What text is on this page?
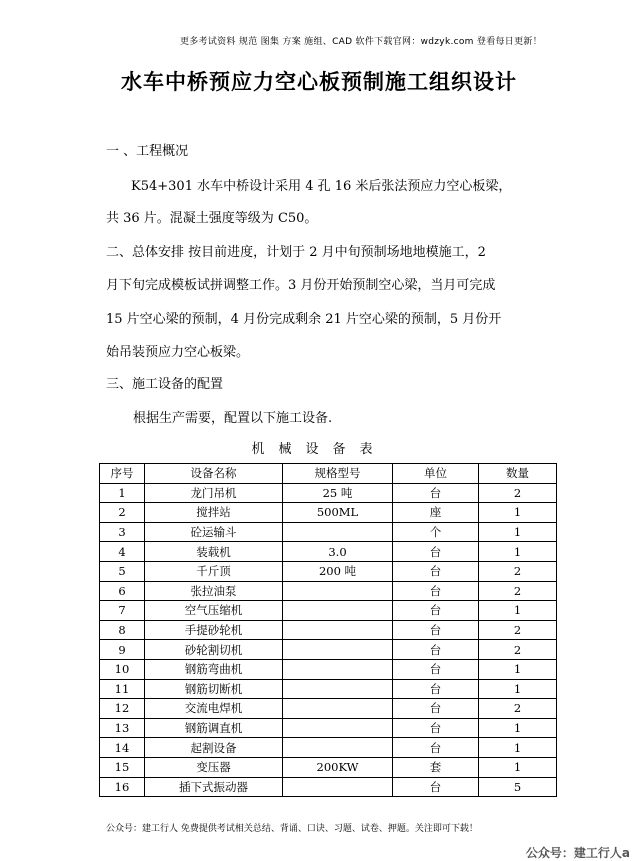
更多考试资料 规范 图集 方案 施组、CAD 软件下载官网：wdzyk.com 登看每日更新！
水车中桥预应力空心板预制施工组织设计
一 、工程概况
K54+301 水车中桥设计采用 4 孔 16 米后张法预应力空心板梁，
共 36 片。混凝土强度等级为 C50。
二、总体安排 按目前进度，计划于 2 月中旬预制场地地模施工，2
月下旬完成模板试拼调整工作。3 月份开始预制空心梁，当月可完成
15 片空心梁的预制，4 月份完成剩余 21 片空心梁的预制，5 月份开
始吊装预应力空心板梁。
三、施工设备的配置
根据生产需要，配置以下施工设备.
机械设备表
序号	设备名称	规格型号	单位	数量
1	龙门吊机	25 吨	台	2
2	搅拌站	500ML	座	1
3	砼运输斗		个	1
4	装载机	3.0	台	1
5	千斤顶	200 吨	台	2
6	张拉油泵		台	2
7	空气压缩机		台	1
8	手提砂轮机		台	2
9	砂轮割切机		台	2
10	钢筋弯曲机		台	1
11	钢筋切断机		台	1
12	交流电焊机		台	2
13	钢筋调直机		台	1
14	起割设备		台	1
15	变压器	200KW	套	1
16	插下式振动器		台	5
公众号：建工行人 免费提供考试相关总结、背诵、口诀、习题、试卷、押题。关注即可下载！
公众号：建工行人a
